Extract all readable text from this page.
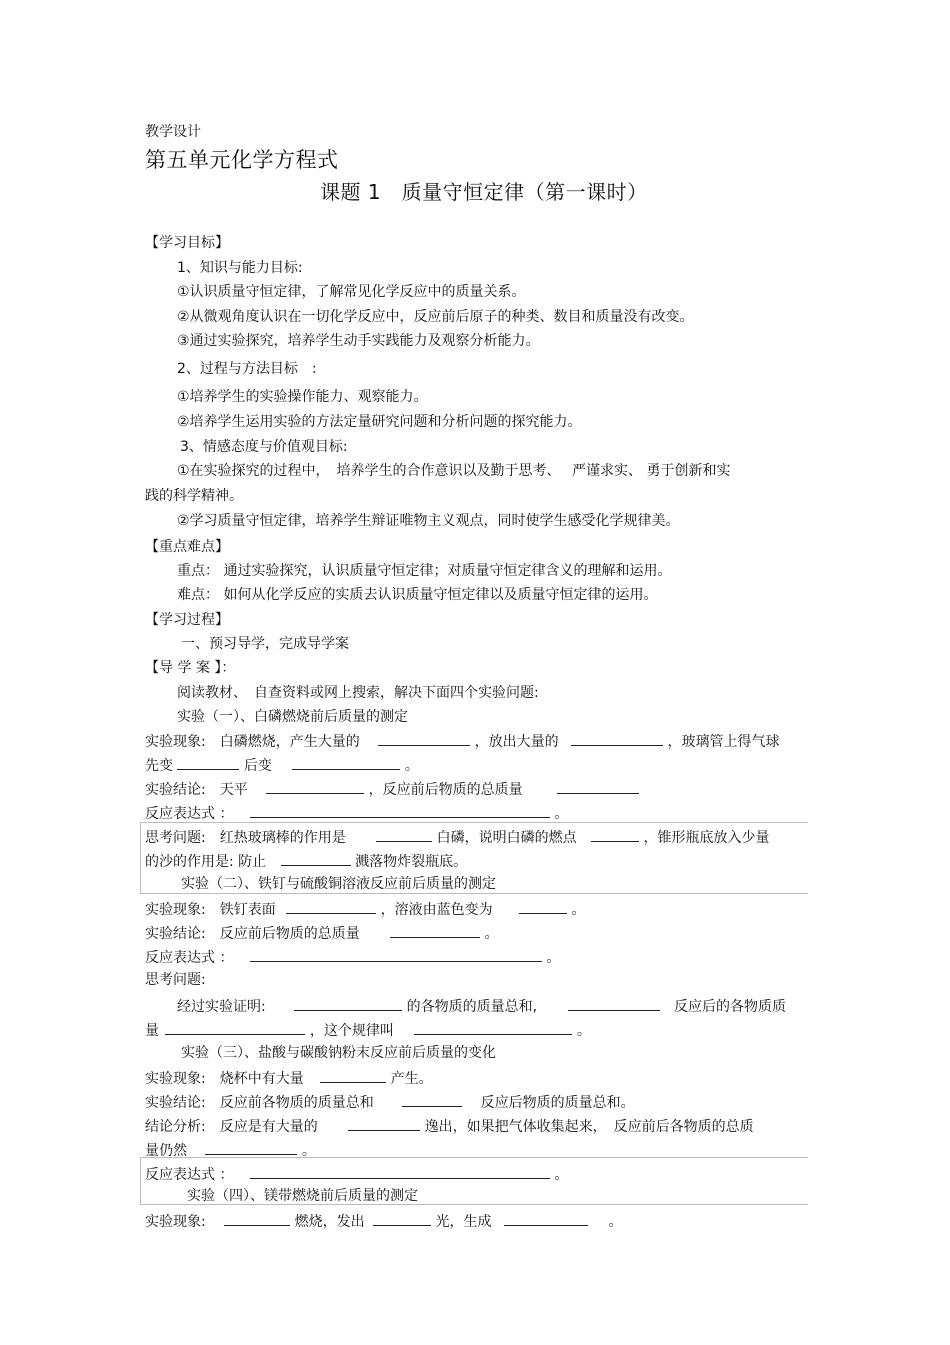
教学设计
第五单元化学方程式
课题 1　质量守恒定律（第一课时）
【学习目标】
1、知识与能力目标:
①认识质量守恒定律，了解常见化学反应中的质量关系。
②从微观角度认识在一切化学反应中，反应前后原子的种类、数目和质量没有改变。
③通过实验探究，培养学生动手实践能力及观察分析能力。
2、过程与方法目标　:
①培养学生的实验操作能力、观察能力。
②培养学生运用实验的方法定量研究问题和分析问题的探究能力。
3、情感态度与价值观目标:
①在实验探究的过程中，　培养学生的合作意识以及勤于思考、　 严谨求实、 勇于创新和实
践的科学精神。
②学习质量守恒定律，培养学生辩证唯物主义观点，同时使学生感受化学规律美。
【重点难点】
重点： 通过实验探究，认识质量守恒定律；对质量守恒定律含义的理解和运用。
难点： 如何从化学反应的实质去认识质量守恒定律以及质量守恒定律的运用。
【学习过程】
一、预习导学，完成导学案
【导 学 案 】：
阅读教材、　自查资料或网上搜索，解决下面四个实验问题:
实验（一）、白磷燃烧前后质量的测定
实验现象:　白磷燃烧，产生大量的	，放出大量的	，玻璃管上得气球
先变	后变	。
实验结论:　天平	，反应前后物质的总质量
反应表达式 ：	。
思考问题:　红热玻璃棒的作用是	白磷，说明白磷的燃点	，锥形瓶底放入少量
的沙的作用是: 防止	溅落物炸裂瓶底。
实验（二）、铁钉与硫酸铜溶液反应前后质量的测定
实验现象:　铁钉表面	，溶液由蓝色变为	。
实验结论:　反应前后物质的总质量	。
反应表达式 ：	。
思考问题:
经过实验证明:	的各物质的质量总和,	反应后的各物质质
量	，这个规律叫	。
实验（三）、盐酸与碳酸钠粉末反应前后质量的变化
实验现象:　烧杯中有大量	产生。
实验结论:　反应前各物质的质量总和	反应后物质的质量总和。
结论分析:　反应是有大量的	逸出，如果把气体收集起来，　反应前后各物质的总质
量仍然	。
反应表达式 ：	。
实验（四）、镁带燃烧前后质量的测定
实验现象:	燃烧，发出	光，生成	。
